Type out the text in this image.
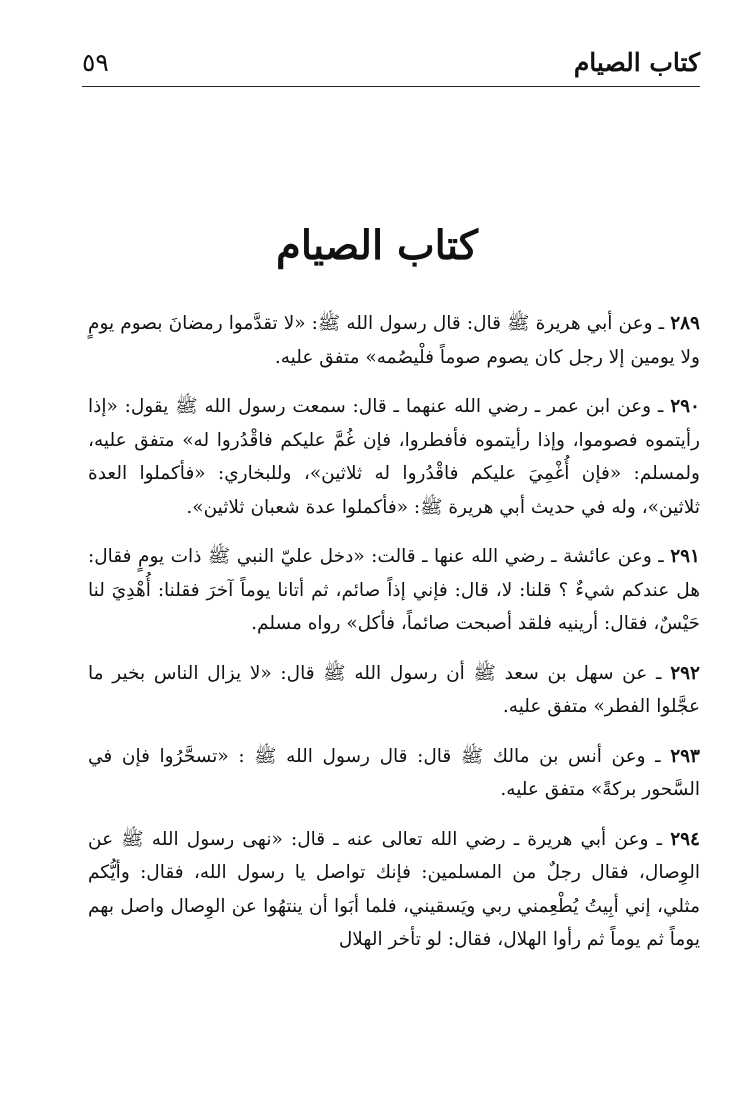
كتاب الصيام
٥٩
كتاب الصيام

٢٨٩ ـ وعن أبي هريرة ﷺ قال: قال رسول الله ﷺ: «لا تقدَّموا رمضانَ بصوم يومٍ ولا يومين إلا رجل كان يصوم صوماً فلْيصُمه» متفق عليه.

٢٩٠ ـ وعن ابن عمر ـ رضي الله عنهما ـ قال: سمعت رسول الله ﷺ يقول: «إذا رأيتموه فصوموا، وإذا رأيتموه فأفطروا، فإن غُمَّ عليكم فاقْدُروا له» متفق عليه، ولمسلم: «فإن أُغْمِيَ عليكم فاقْدُروا له ثلاثين»، وللبخاري: «فأكملوا العدة ثلاثين»، وله في حديث أبي هريرة ﷺ: «فأكملوا عدة شعبان ثلاثين».

٢٩١ ـ وعن عائشة ـ رضي الله عنها ـ قالت: «دخل عليّ النبي ﷺ ذات يومٍ فقال: هل عندكم شيءٌ ؟ قلنا: لا، قال: فإني إذاً صائم، ثم أتانا يوماً آخرَ فقلنا: أُهْدِيَ لنا حَيْسٌ، فقال: أرينيه فلقد أصبحت صائماً، فأكل» رواه مسلم.

٢٩٢ ـ عن سهل بن سعد ﷺ أن رسول الله ﷺ قال: «لا يزال الناس بخير ما عجَّلوا الفطر» متفق عليه.

٢٩٣ ـ وعن أنس بن مالك ﷺ قال: قال رسول الله ﷺ : «تسحَّرُوا فإن في السَّحور بركةً» متفق عليه.

٢٩٤ ـ وعن أبي هريرة ـ رضي الله تعالى عنه ـ قال: «نهى رسول الله ﷺ عن الوِصال، فقال رجلٌ من المسلمين: فإنك تواصل يا رسول الله، فقال: وأيُّكم مثلي، إني أبِيتُ يُطْعِمني ربي ويَسقيني، فلما أبَوا أن ينتهُوا عن الوِصال واصل بهم يوماً ثم يوماً ثم رأوا الهلال، فقال: لو تأخر الهلال
